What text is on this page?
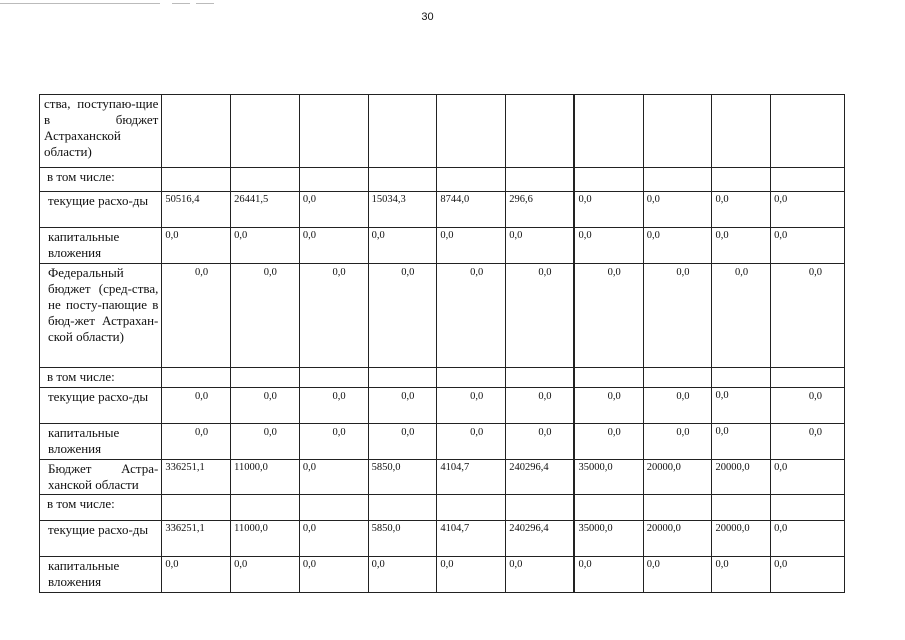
30
ства, поступаю-щие в бюджет Астраханской области)										
в том числе:										
текущие расхо-ды	50516,4	26441,5	0,0	15034,3	8744,0	296,6	0,0	0,0	0,0	0,0
капитальные вложения	0,0	0,0	0,0	0,0	0,0	0,0	0,0	0,0	0,0	0,0
Федеральный бюджет (сред-ства, не посту-пающие в бюд-жет Астрахан-ской области)	0,0	0,0	0,0	0,0	0,0	0,0	0,0	0,0	0,0	0,0
в том числе:										
текущие расхо-ды	0,0	0,0	0,0	0,0	0,0	0,0	0,0	0,0	0,0	0,0
капитальные вложения	0,0	0,0	0,0	0,0	0,0	0,0	0,0	0,0	0,0	0,0
Бюджет Астра-ханской области	336251,1	11000,0	0,0	5850,0	4104,7	240296,4	35000,0	20000,0	20000,0	0,0
в том числе:										
текущие расхо-ды	336251,1	11000,0	0,0	5850,0	4104,7	240296,4	35000,0	20000,0	20000,0	0,0
капитальные вложения	0,0	0,0	0,0	0,0	0,0	0,0	0,0	0,0	0,0	0,0
